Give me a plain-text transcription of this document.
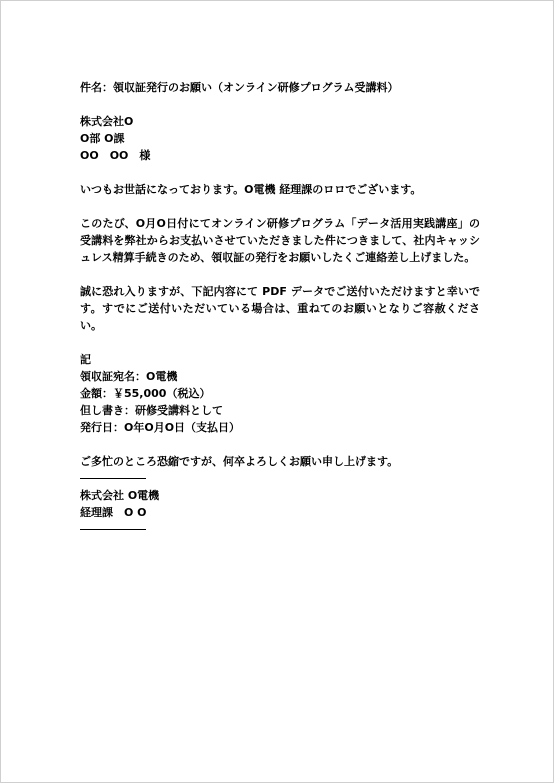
件名：領収証発行のお願い（オンライン研修プログラム受講料）
株式会社O
O部 O課
OO　OO　様
いつもお世話になっております。O電機 経理課のロロでございます。
このたび、O月O日付にてオンライン研修プログラム「データ活用実践講座」の受講料を弊社からお支払いさせていただきました件につきまして、社内キャッシュレス精算手続きのため、領収証の発行をお願いしたくご連絡差し上げました。
誠に恐れ入りますが、下記内容にて PDF データでご送付いただけますと幸いです。すでにご送付いただいている場合は、重ねてのお願いとなりご容赦ください。
記
領収証宛名：O電機
金額：￥55,000（税込）
但し書き：研修受講料として
発行日：O年O月O日（支払日）
ご多忙のところ恐縮ですが、何卒よろしくお願い申し上げます。
株式会社 O電機
経理課　O O
